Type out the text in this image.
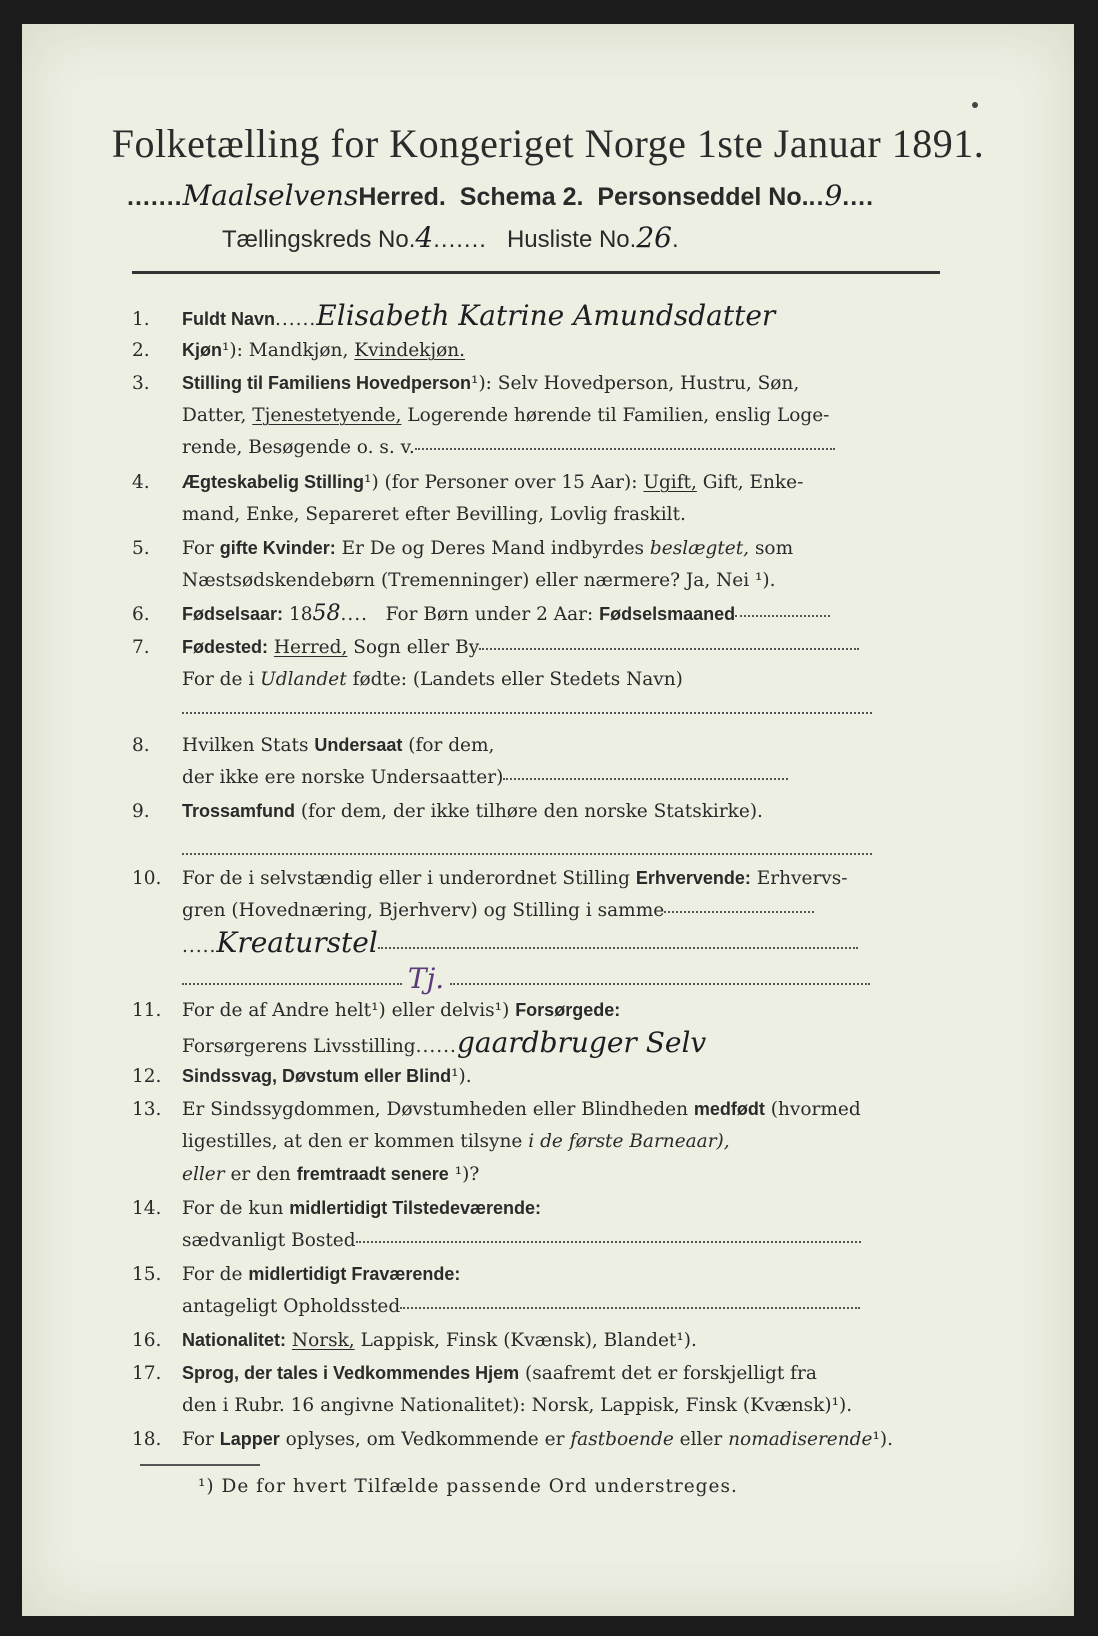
Folketælling for Kongeriget Norge 1ste Januar 1891.
.......MaalselvensHerred. Schema 2. Personseddel No...9....
Tællingskreds No.4....... Husliste No.26.
1. Fuldt Navn......Elisabeth Katrine Amundsdatter
2. Kjøn¹): Mandkjøn, Kvindekjøn.
3. Stilling til Familiens Hovedperson¹): Selv Hovedperson, Hustru, Søn,
Datter, Tjenestetyende, Logerende hørende til Familien, enslig Loge-
rende, Besøgende o. s. v.
4. Ægteskabelig Stilling¹) (for Personer over 15 Aar): Ugift, Gift, Enke-
mand, Enke, Separeret efter Bevilling, Lovlig fraskilt.
5. For gifte Kvinder: Er De og Deres Mand indbyrdes beslægtet, som
Næstsødskendebørn (Tremenninger) eller nærmere? Ja, Nei ¹).
6. Fødselsaar: 1858.... For Børn under 2 Aar: Fødselsmaaned
7. Fødested: Herred, Sogn eller By
For de i Udlandet fødte: (Landets eller Stedets Navn)

8. Hvilken Stats Undersaat (for dem,
der ikke ere norske Undersaatter)
9. Trossamfund (for dem, der ikke tilhøre den norske Statskirke).

10. For de i selvstændig eller i underordnet Stilling Erhvervende: Erhvervs-
gren (Hovednæring, Bjerhverv) og Stilling i samme
.....Kreaturstel
Tj.
11. For de af Andre helt¹) eller delvis¹) Forsørgede:
Forsørgerens Livsstilling......gaardbruger Selv
12. Sindssvag, Døvstum eller Blind¹).
13. Er Sindssygdommen, Døvstumheden eller Blindheden medfødt (hvormed
ligestilles, at den er kommen tilsyne i de første Barneaar),
eller er den fremtraadt senere ¹)?
14. For de kun midlertidigt Tilstedeværende:
sædvanligt Bosted
15. For de midlertidigt Fraværende:
antageligt Opholdssted
16. Nationalitet: Norsk, Lappisk, Finsk (Kvænsk), Blandet¹).
17. Sprog, der tales i Vedkommendes Hjem (saafremt det er forskjelligt fra
den i Rubr. 16 angivne Nationalitet): Norsk, Lappisk, Finsk (Kvænsk)¹).
18. For Lapper oplyses, om Vedkommende er fastboende eller nomadiserende¹).
¹) De for hvert Tilfælde passende Ord understreges.
